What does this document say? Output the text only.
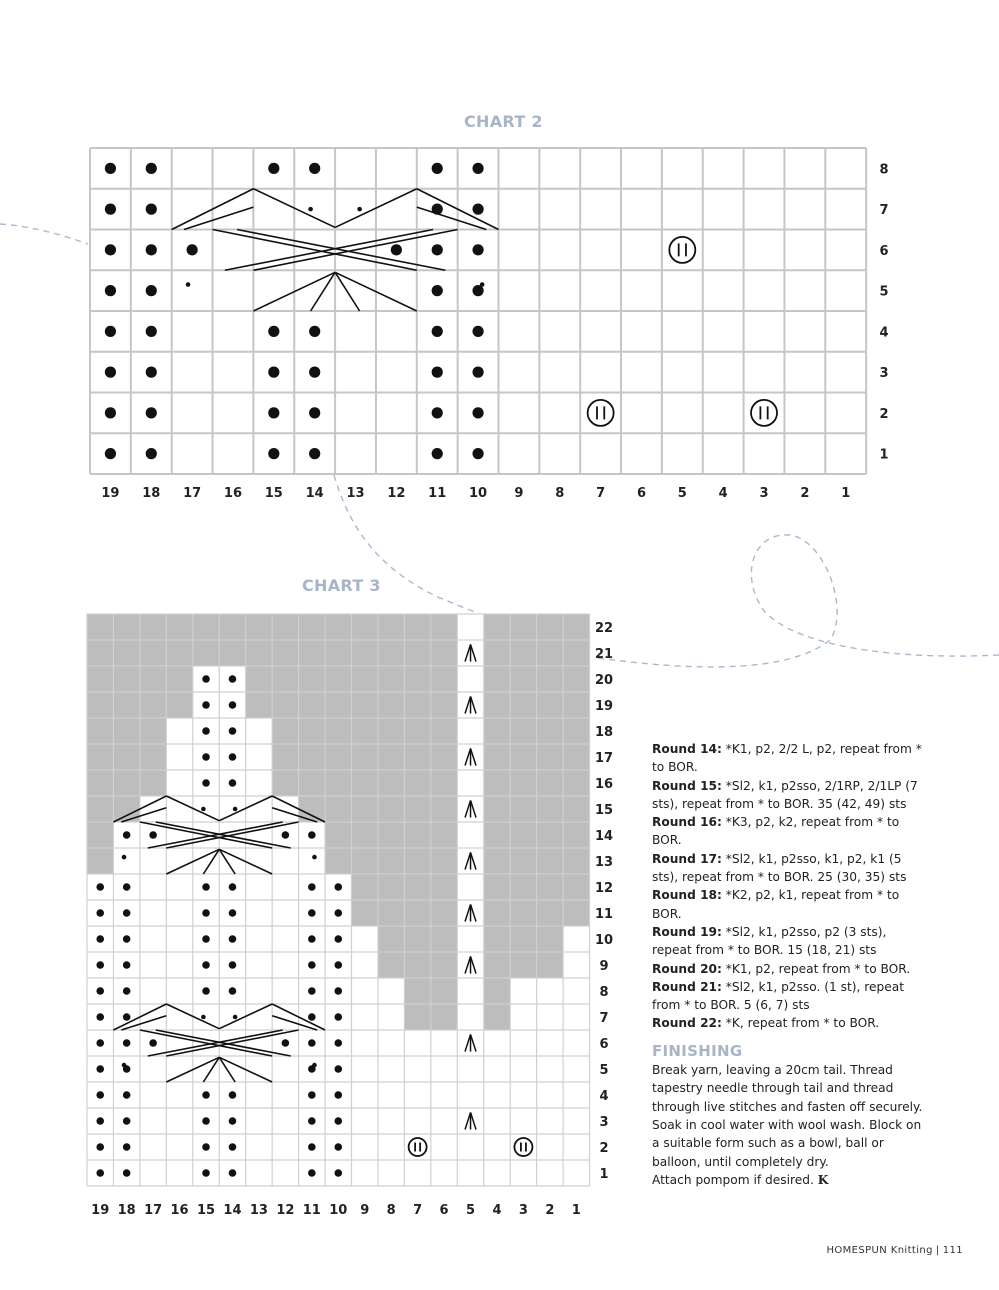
CHART 2
19 18 17 16 15 14 13 12 11 10 9 8 7 6 5 4 3 2 1
8
7
6
5
4
3
2
1
CHART 3
19 18 17 16 15 14 13 12 11 10 9 8 7 6 5 4 3 2 1
22
21
20
19
18
17
16
15
14
13
12
11
10
9
8
7
6
5
4
3
2
1

Round 14: *K1, p2, 2/2 L, p2, repeat from * to BOR.

Round 15: *Sl2, k1, p2sso, 2/1RP, 2/1LP (7 sts), repeat from * to BOR. 35 (42, 49) sts

Round 16: *K3, p2, k2, repeat from * to BOR.

Round 17: *Sl2, k1, p2sso, k1, p2, k1 (5 sts), repeat from * to BOR. 25 (30, 35) sts

Round 18: *K2, p2, k1, repeat from * to BOR.

Round 19: *Sl2, k1, p2sso, p2 (3 sts), repeat from * to BOR. 15 (18, 21) sts

Round 20: *K1, p2, repeat from * to BOR.

Round 21: *Sl2, k1, p2sso. (1 st), repeat from * to BOR. 5 (6, 7) sts

Round 22: *K, repeat from * to BOR.

FINISHING

Break yarn, leaving a 20cm tail. Thread tapestry needle through tail and thread through live stitches and fasten off securely.

Soak in cool water with wool wash. Block on a suitable form such as a bowl, ball or balloon, until completely dry.

Attach pompom if desired. K

HOMESPUN Knitting | 111
